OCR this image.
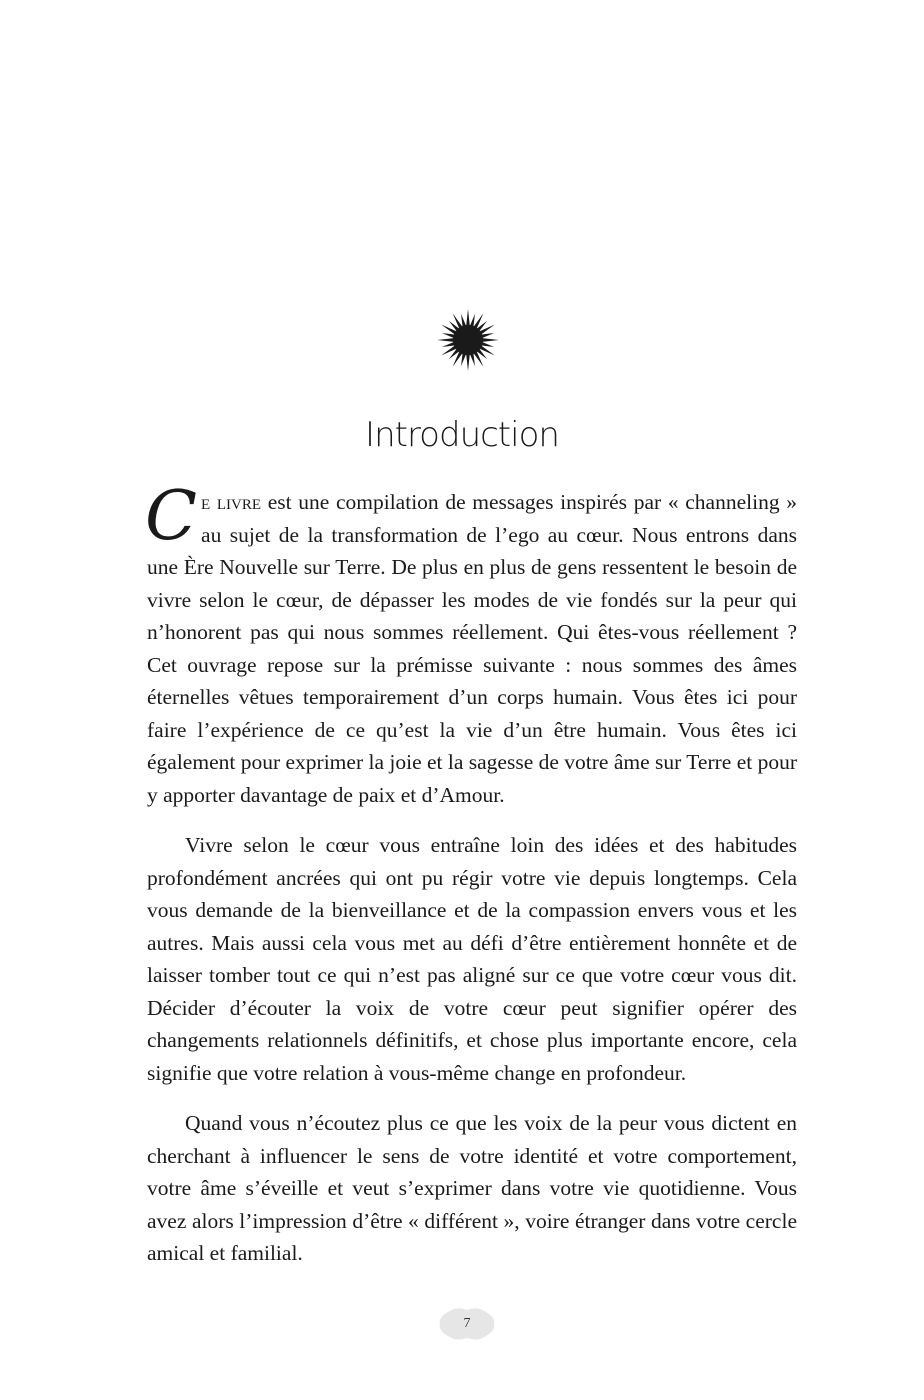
Introduction

Ce livre est une compilation de messages inspirés par « channeling » au sujet de la transformation de l’ego au cœur. Nous entrons dans une Ère Nouvelle sur Terre. De plus en plus de gens ressentent le besoin de vivre selon le cœur, de dépasser les modes de vie fondés sur la peur qui n’honorent pas qui nous sommes réellement. Qui êtes-vous réellement ? Cet ouvrage repose sur la prémisse suivante : nous sommes des âmes éternelles vêtues temporairement d’un corps humain. Vous êtes ici pour faire l’expérience de ce qu’est la vie d’un être humain. Vous êtes ici également pour exprimer la joie et la sagesse de votre âme sur Terre et pour y apporter davantage de paix et d’Amour.

Vivre selon le cœur vous entraîne loin des idées et des habitudes profondément ancrées qui ont pu régir votre vie depuis longtemps. Cela vous demande de la bienveillance et de la compassion envers vous et les autres. Mais aussi cela vous met au défi d’être entièrement honnête et de laisser tomber tout ce qui n’est pas aligné sur ce que votre cœur vous dit. Décider d’écouter la voix de votre cœur peut signifier opérer des changements relationnels définitifs, et chose plus importante encore, cela signifie que votre relation à vous-même change en profondeur.

Quand vous n’écoutez plus ce que les voix de la peur vous dictent en cherchant à influencer le sens de votre identité et votre comportement, votre âme s’éveille et veut s’exprimer dans votre vie quotidienne. Vous avez alors l’impression d’être « différent », voire étranger dans votre cercle amical et familial.

7
